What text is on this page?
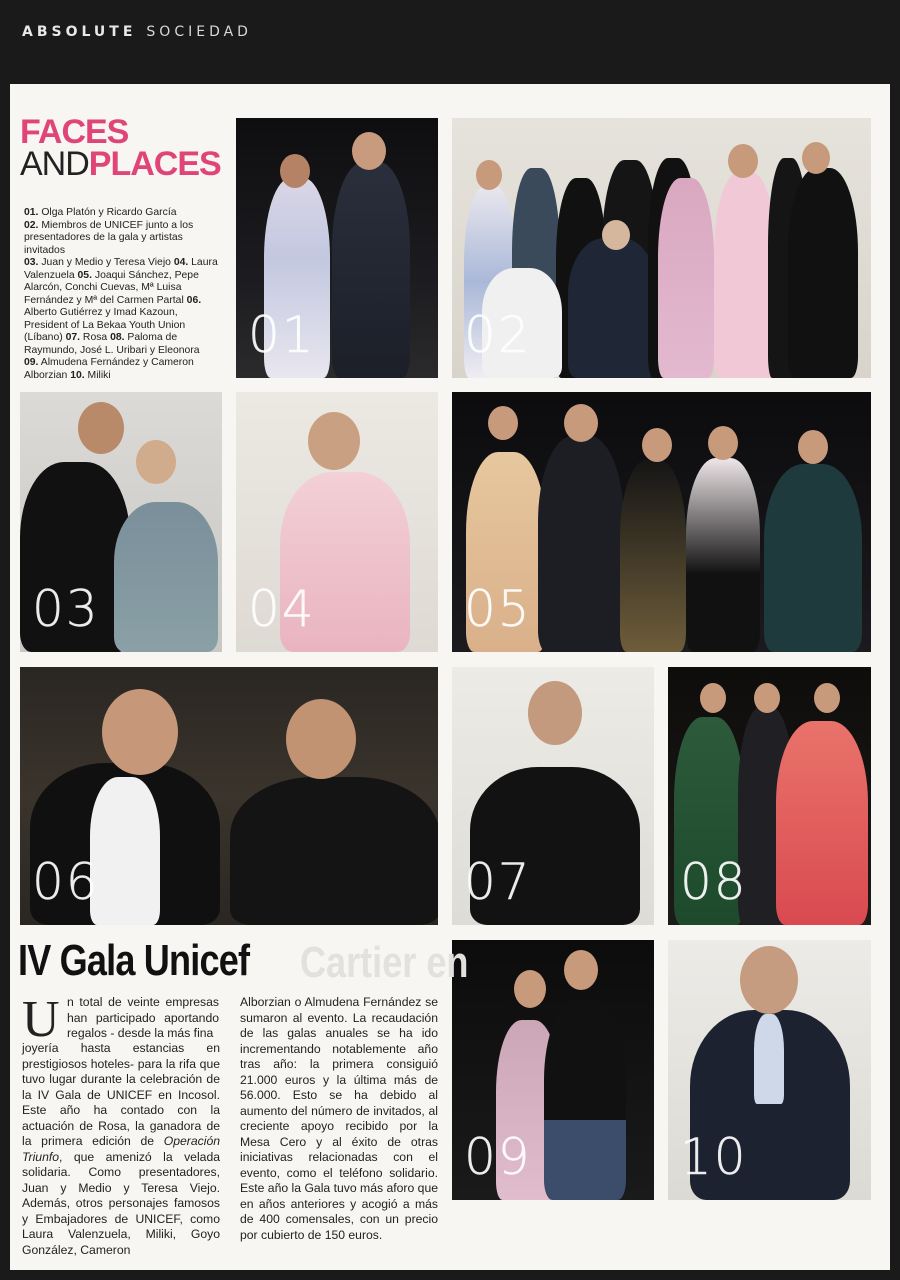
ABSOLUTE SOCIEDAD
FACES
ANDPLACES
01. Olga Platón y Ricardo García
02. Miembros de UNICEF junto a los presentadores de la gala y artistas invitados
03. Juan y Medio y Teresa Viejo 04. Laura Valenzuela 05. Joaqui Sánchez, Pepe Alarcón, Conchi Cuevas, Mª Luisa Fernández y Mª del Carmen Partal 06. Alberto Gutiérrez y Imad Kazoun, President of La Bekaa Youth Union (Líbano) 07. Rosa 08. Paloma de Raymundo, José L. Uribari y Eleonora
09. Almudena Fernández y Cameron Alborzian 10. Miliki
01	02
03	04	05
06	07	08
09	10
Cartier en
IV Gala Unicef
U n total de veinte empresas han participado aportando regalos - desde la más fina
joyería hasta estancias en prestigiosos hoteles- para la rifa que tuvo lugar durante la celebración de la IV Gala de UNICEF en Incosol. Este año ha contado con la actuación de Rosa, la ganadora de la primera edición de Operación Triunfo, que amenizó la velada solidaria. Como presentadores, Juan y Medio y Teresa Viejo. Además, otros personajes famosos y Embajadores de UNICEF, como Laura Valenzuela, Miliki, Goyo González, Cameron
Alborzian o Almudena Fernández se sumaron al evento. La recaudación de las galas anuales se ha ido incrementando notablemente año tras año: la primera consiguió 21.000 euros y la última más de 56.000. Esto se ha debido al aumento del número de invitados, al creciente apoyo recibido por la Mesa Cero y al éxito de otras iniciativas relacionadas con el evento, como el teléfono solidario. Este año la Gala tuvo más aforo que en años anteriores y acogió a más de 400 comensales, con un precio por cubierto de 150 euros.
